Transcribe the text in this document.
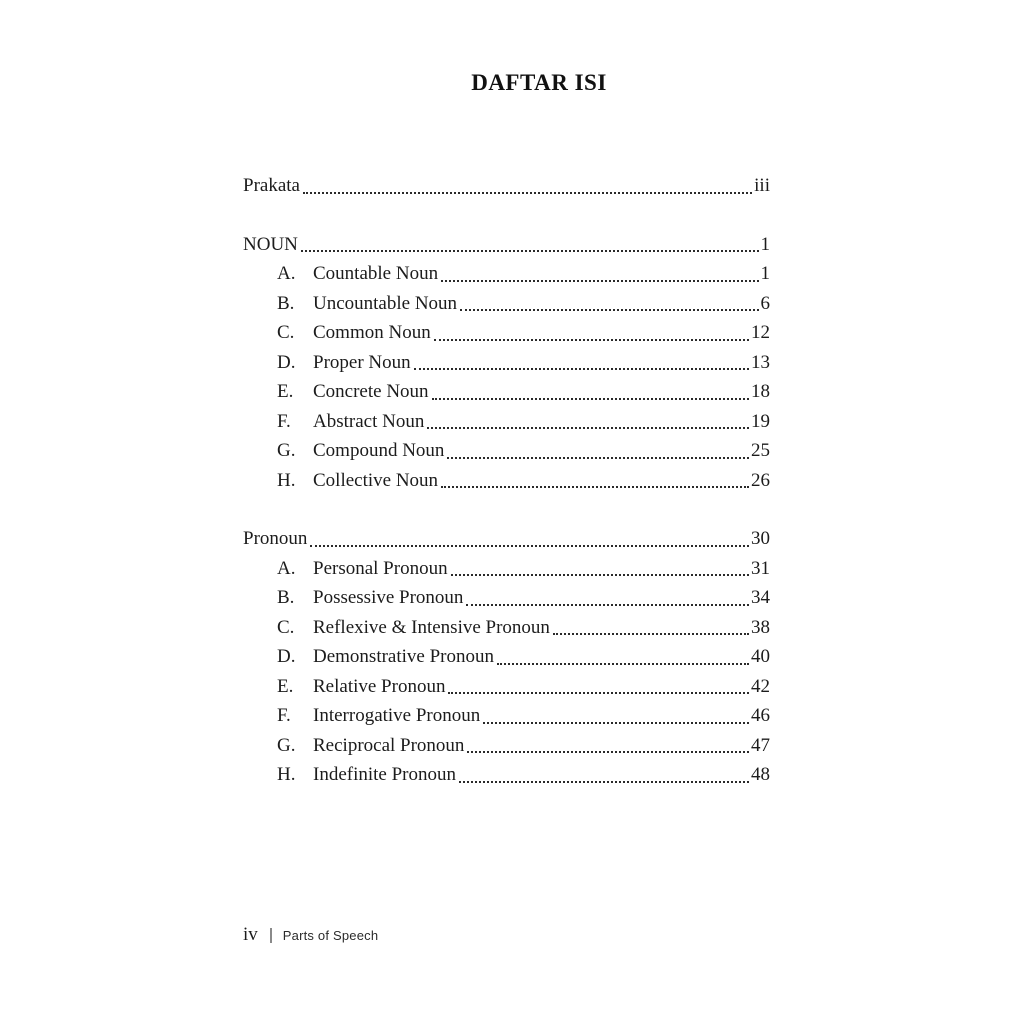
DAFTAR ISI
Prakata	iii
NOUN	1
A. Countable Noun	1
B. Uncountable Noun	6
C. Common Noun	12
D. Proper Noun	13
E.	Concrete Noun	18
F.	Abstract Noun	19
G. Compound Noun	25
H. Collective Noun	26
Pronoun	30
A. Personal Pronoun	31
B. Possessive Pronoun	34
C. Reflexive & Intensive Pronoun	38
D. Demonstrative Pronoun	40
E.	Relative Pronoun	42
F.	Interrogative Pronoun	46
G. Reciprocal Pronoun	47
H. Indefinite Pronoun	48
iv Parts of Speech
